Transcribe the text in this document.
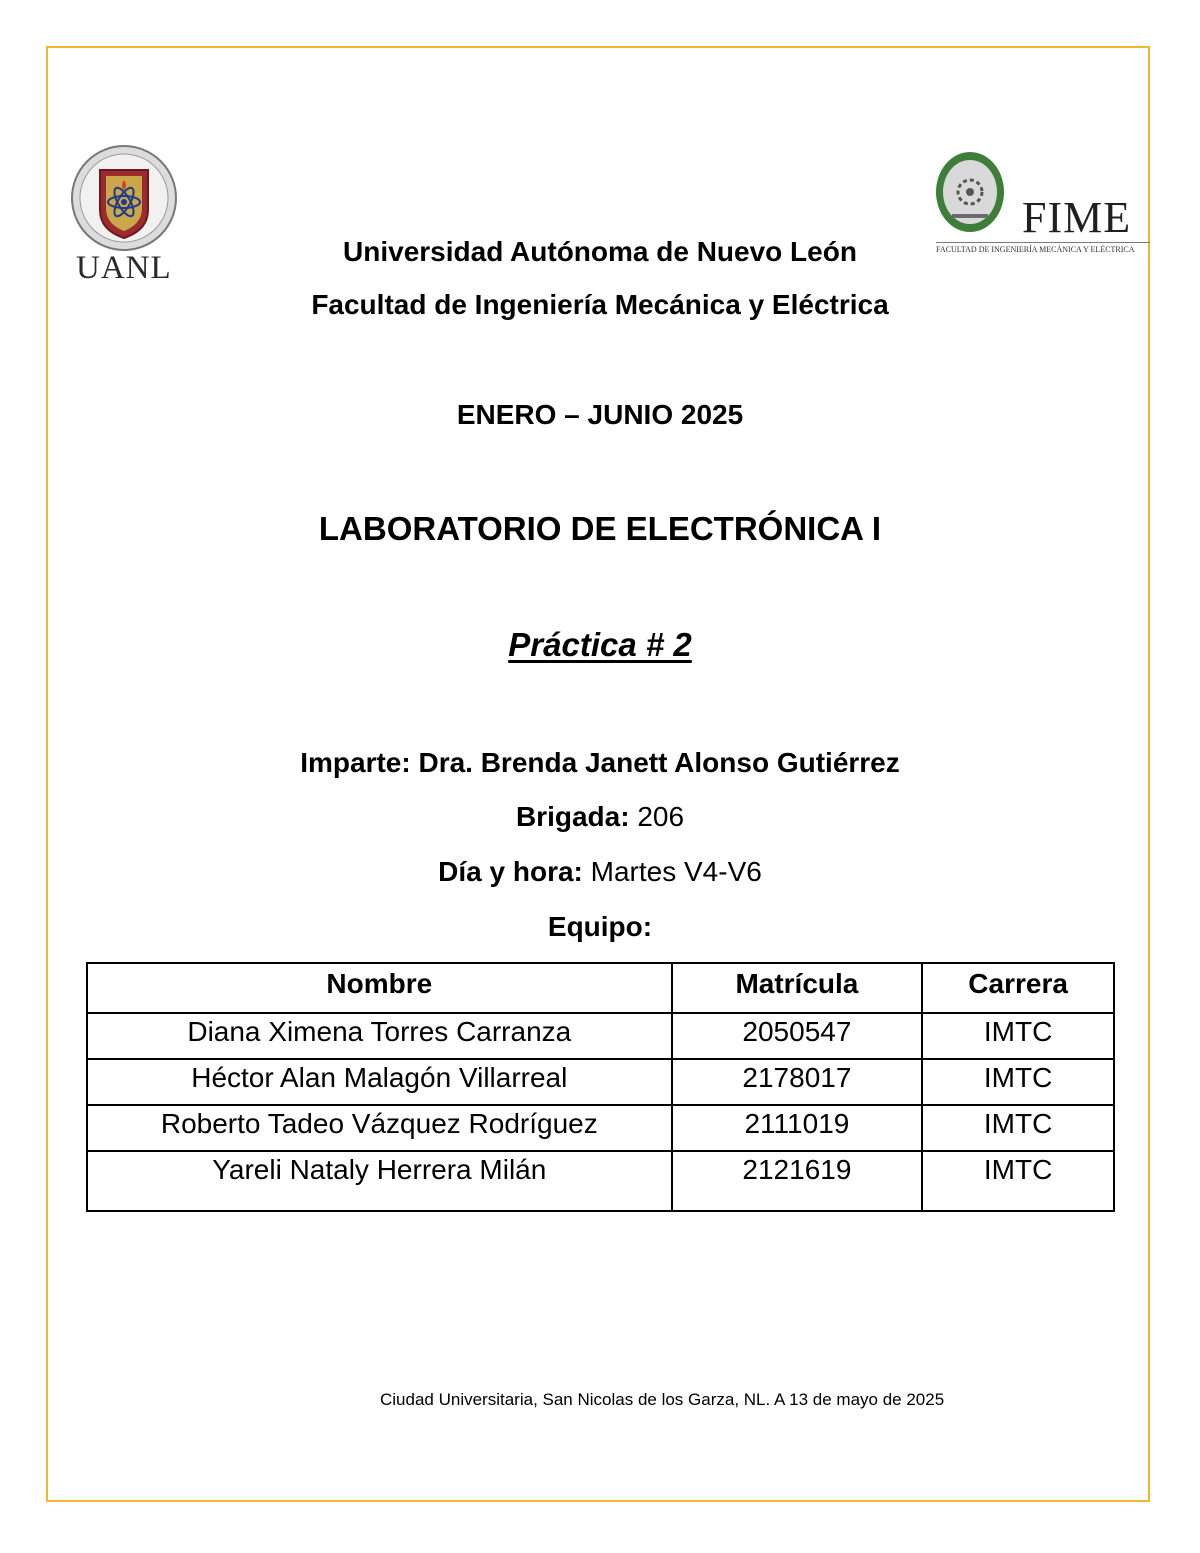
UANL
FIME
FACULTAD DE INGENIERÍA MECÁNICA Y ELÉCTRICA
Universidad Autónoma de Nuevo León
Facultad de Ingeniería Mecánica y Eléctrica
ENERO – JUNIO 2025
LABORATORIO DE ELECTRÓNICA I
Práctica # 2
Imparte: Dra. Brenda Janett Alonso Gutiérrez
Brigada: 206
Día y hora: Martes V4-V6
Equipo:
Nombre	Matrícula	Carrera
Diana Ximena Torres Carranza	2050547	IMTC
Héctor Alan Malagón Villarreal	2178017	IMTC
Roberto Tadeo Vázquez Rodríguez	2111019	IMTC
Yareli Nataly Herrera Milán	2121619	IMTC
Ciudad Universitaria, San Nicolas de los Garza, NL. A 13 de mayo de 2025
